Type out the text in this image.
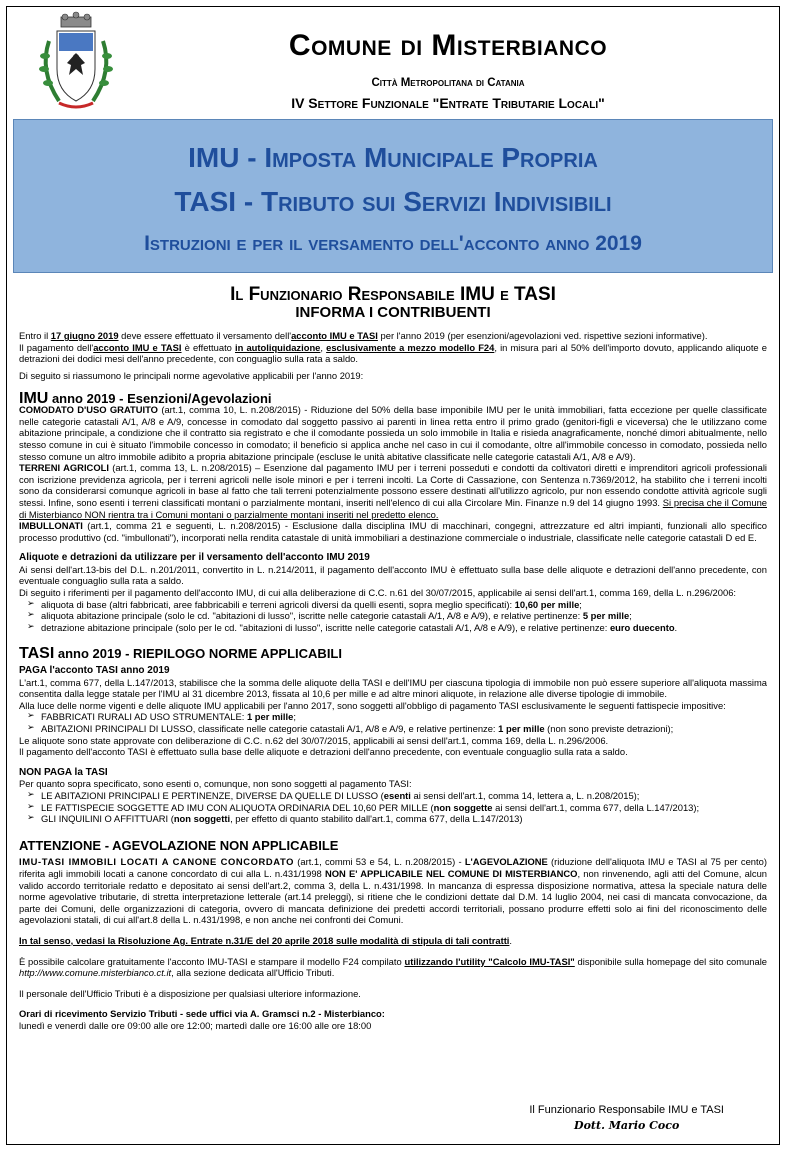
Comune di Misterbianco
Città Metropolitana di Catania
IV Settore Funzionale "Entrate Tributarie Locali"
IMU - Imposta Municipale Propria
TASI - Tributo sui Servizi Indivisibili
Istruzioni e per il versamento dell'acconto anno 2019

Il Funzionario Responsabile IMU e TASI

INFORMA I CONTRIBUENTI

Entro il 17 giugno 2019 deve essere effettuato il versamento dell'acconto IMU e TASI per l'anno 2019 (per esenzioni/agevolazioni ved. rispettive sezioni informative).

Il pagamento dell'acconto IMU e TASI è effettuato in autoliquidazione, esclusivamente a mezzo modello F24, in misura pari al 50% dell'importo dovuto, applicando aliquote e detrazioni dei dodici mesi dell'anno precedente, con conguaglio sulla rata a saldo.

Di seguito si riassumono le principali norme agevolative applicabili per l'anno 2019:

IMU anno 2019 - Esenzioni/Agevolazioni

COMODATO D'USO GRATUITO (art.1, comma 10, L. n.208/2015) - Riduzione del 50% della base imponibile IMU per le unità immobiliari, fatta eccezione per quelle classificate nelle categorie catastali A/1, A/8 e A/9, concesse in comodato dal soggetto passivo ai parenti in linea retta entro il primo grado (genitori-figli e viceversa) che le utilizzano come abitazione principale, a condizione che il contratto sia registrato e che il comodante possieda un solo immobile in Italia e risieda anagraficamente, nonché dimori abitualmente, nello stesso comune in cui è situato l'immobile concesso in comodato; il beneficio si applica anche nel caso in cui il comodante, oltre all'immobile concesso in comodato, possieda nello stesso comune un altro immobile adibito a propria abitazione principale (escluse le unità abitative classificate nelle categorie catastali A/1, A/8 e A/9).

TERRENI AGRICOLI (art.1, comma 13, L. n.208/2015) – Esenzione dal pagamento IMU per i terreni posseduti e condotti da coltivatori diretti e imprenditori agricoli professionali con iscrizione previdenza agricola, per i terreni agricoli nelle isole minori e per i terreni incolti. La Corte di Cassazione, con Sentenza n.7369/2012, ha stabilito che i terreni incolti sono da considerarsi comunque agricoli in base al fatto che tali terreni potenzialmente possono essere destinati all'utilizzo agricolo, pur non essendo condotte attività agricole sugli stessi. Infine, sono esenti i terreni classificati montani o parzialmente montani, inseriti nell'elenco di cui alla Circolare Min. Finanze n.9 del 14 giugno 1993. Si precisa che il Comune di Misterbianco NON rientra tra i Comuni montani o parzialmente montani inseriti nel predetto elenco.

IMBULLONATI (art.1, comma 21 e seguenti, L. n.208/2015) - Esclusione dalla disciplina IMU di macchinari, congegni, attrezzature ed altri impianti, funzionali allo specifico processo produttivo (cd. "imbullonati"), incorporati nella rendita catastale di unità immobiliari a destinazione commerciale o industriale, classificate nelle categorie catastali D ed E.

Aliquote e detrazioni da utilizzare per il versamento dell'acconto IMU 2019

Ai sensi dell'art.13-bis del D.L. n.201/2011, convertito in L. n.214/2011, il pagamento dell'acconto IMU è effettuato sulla base delle aliquote e detrazioni dell'anno precedente, con eventuale conguaglio sulla rata a saldo.

Di seguito i riferimenti per il pagamento dell'acconto IMU, di cui alla deliberazione di C.C. n.61 del 30/07/2015, applicabile ai sensi dell'art.1, comma 169, della L. n.296/2006:

➢ aliquota di base (altri fabbricati, aree fabbricabili e terreni agricoli diversi da quelli esenti, sopra meglio specificati): 10,60 per mille;
➢ aliquota abitazione principale (solo le cd. "abitazioni di lusso", iscritte nelle categorie catastali A/1, A/8 e A/9), e relative pertinenze: 5 per mille;
➢ detrazione abitazione principale (solo per le cd. "abitazioni di lusso", iscritte nelle categorie catastali A/1, A/8 e A/9), e relative pertinenze: euro duecento.

TASI anno 2019 - RIEPILOGO NORME APPLICABILI

PAGA l'acconto TASI anno 2019

L'art.1, comma 677, della L.147/2013, stabilisce che la somma delle aliquote della TASI e dell'IMU per ciascuna tipologia di immobile non può essere superiore all'aliquota massima consentita dalla legge statale per l'IMU al 31 dicembre 2013, fissata al 10,6 per mille e ad altre minori aliquote, in relazione alle diverse tipologie di immobile.

Alla luce delle norme vigenti e delle aliquote IMU applicabili per l'anno 2017, sono soggetti all'obbligo di pagamento TASI esclusivamente le seguenti fattispecie impositive:

➢ FABBRICATI RURALI AD USO STRUMENTALE: 1 per mille;
➢ ABITAZIONI PRINCIPALI DI LUSSO, classificate nelle categorie catastali A/1, A/8 e A/9, e relative pertinenze: 1 per mille (non sono previste detrazioni);

Le aliquote sono state approvate con deliberazione di C.C. n.62 del 30/07/2015, applicabili ai sensi dell'art.1, comma 169, della L. n.296/2006.

Il pagamento dell'acconto TASI è effettuato sulla base delle aliquote e detrazioni dell'anno precedente, con eventuale conguaglio sulla rata a saldo.

NON PAGA la TASI

Per quanto sopra specificato, sono esenti o, comunque, non sono soggetti al pagamento TASI:

➢ LE ABITAZIONI PRINCIPALI E PERTINENZE, DIVERSE DA QUELLE DI LUSSO (esenti ai sensi dell'art.1, comma 14, lettera a, L. n.208/2015);
➢ LE FATTISPECIE SOGGETTE AD IMU CON ALIQUOTA ORDINARIA DEL 10,60 PER MILLE (non soggette ai sensi dell'art.1, comma 677, della L.147/2013);
➢ GLI INQUILINI O AFFITTUARI (non soggetti, per effetto di quanto stabilito dall'art.1, comma 677, della L.147/2013)

ATTENZIONE - AGEVOLAZIONE NON APPLICABILE

IMU-TASI IMMOBILI LOCATI A CANONE CONCORDATO (art.1, commi 53 e 54, L. n.208/2015) - L'AGEVOLAZIONE (riduzione dell'aliquota IMU e TASI al 75 per cento) riferita agli immobili locati a canone concordato di cui alla L. n.431/1998 NON E' APPLICABILE NEL COMUNE DI MISTERBIANCO, non rinvenendo, agli atti del Comune, alcun valido accordo territoriale redatto e depositato ai sensi dell'art.2, comma 3, della L. n.431/1998. In mancanza di espressa disposizione normativa, attesa la speciale natura delle norme agevolative tributarie, di stretta interpretazione letterale (art.14 preleggi), si ritiene che le condizioni dettate dal D.M. 14 luglio 2004, nei casi di mancata convocazione, da parte dei Comuni, delle organizzazioni di categoria, ovvero di mancata definizione dei predetti accordi territoriali, possano produrre effetti solo ai fini del riconoscimento delle agevolazioni statali, di cui all'art.8 della L. n.431/1998, e non anche nei confronti dei Comuni.

In tal senso, vedasi la Risoluzione Ag. Entrate n.31/E del 20 aprile 2018 sulle modalità di stipula di tali contratti.

È possibile calcolare gratuitamente l'acconto IMU-TASI e stampare il modello F24 compilato utilizzando l'utility "Calcolo IMU-TASI" disponibile sulla homepage del sito comunale http://www.comune.misterbianco.ct.it, alla sezione dedicata all'Ufficio Tributi.

Il personale dell'Ufficio Tributi è a disposizione per qualsiasi ulteriore informazione.

Orari di ricevimento Servizio Tributi - sede uffici via A. Gramsci n.2 - Misterbianco:

lunedì e venerdì dalle ore 09:00 alle ore 12:00; martedì dalle ore 16:00 alle ore 18:00

Il Funzionario Responsabile IMU e TASI
Dott. Mario Coco
